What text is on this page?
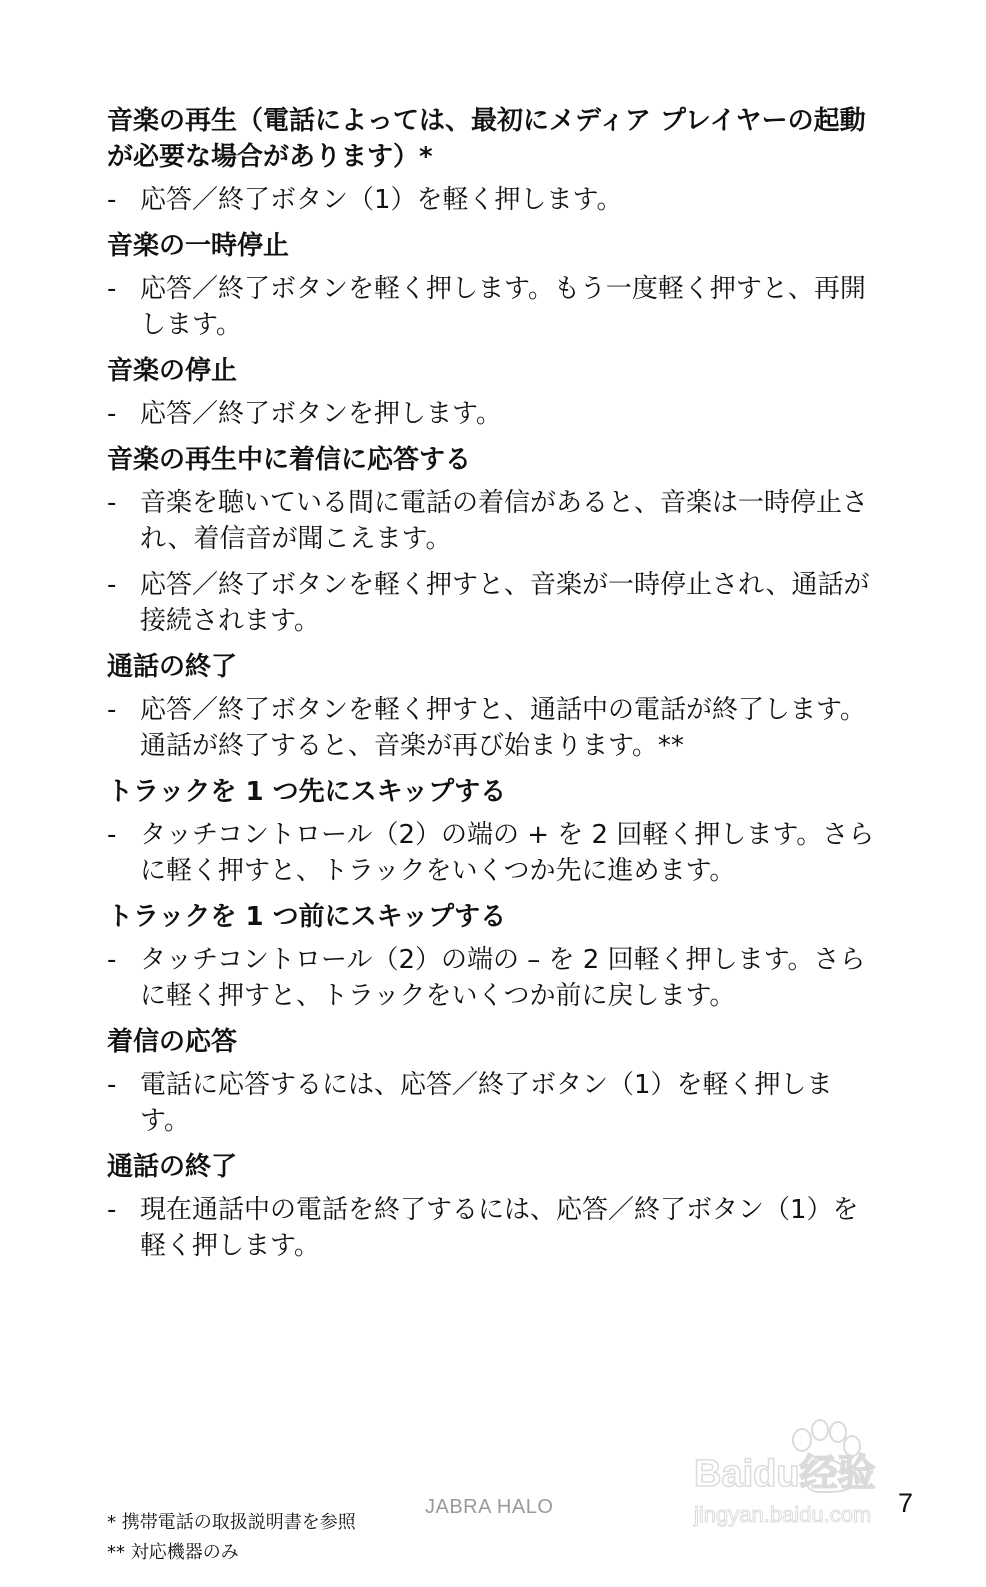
音楽の再生（電話によっては、最初にメディア プレイヤーの起動が必要な場合があります）*
- 応答／終了ボタン（1）を軽く押します。
音楽の一時停止
- 応答／終了ボタンを軽く押します。もう一度軽く押すと、再開します。
音楽の停止
- 応答／終了ボタンを押します。
音楽の再生中に着信に応答する
- 音楽を聴いている間に電話の着信があると、音楽は一時停止され、着信音が聞こえます。
- 応答／終了ボタンを軽く押すと、音楽が一時停止され、通話が接続されます。
通話の終了
- 応答／終了ボタンを軽く押すと、通話中の電話が終了します。通話が終了すると、音楽が再び始まります。**
トラックを 1 つ先にスキップする
- タッチコントロール（2）の端の + を 2 回軽く押します。さらに軽く押すと、トラックをいくつか先に進めます。
トラックを 1 つ前にスキップする
- タッチコントロール（2）の端の – を 2 回軽く押します。さらに軽く押すと、トラックをいくつか前に戻します。
着信の応答
- 電話に応答するには、応答／終了ボタン（1）を軽く押します。
通話の終了
- 現在通話中の電話を終了するには、応答／終了ボタン（1）を軽く押します。
Baidu经验
jingyan.baidu.com
JABRA HALO	7
* 携帯電話の取扱説明書を参照
** 対応機器のみ
